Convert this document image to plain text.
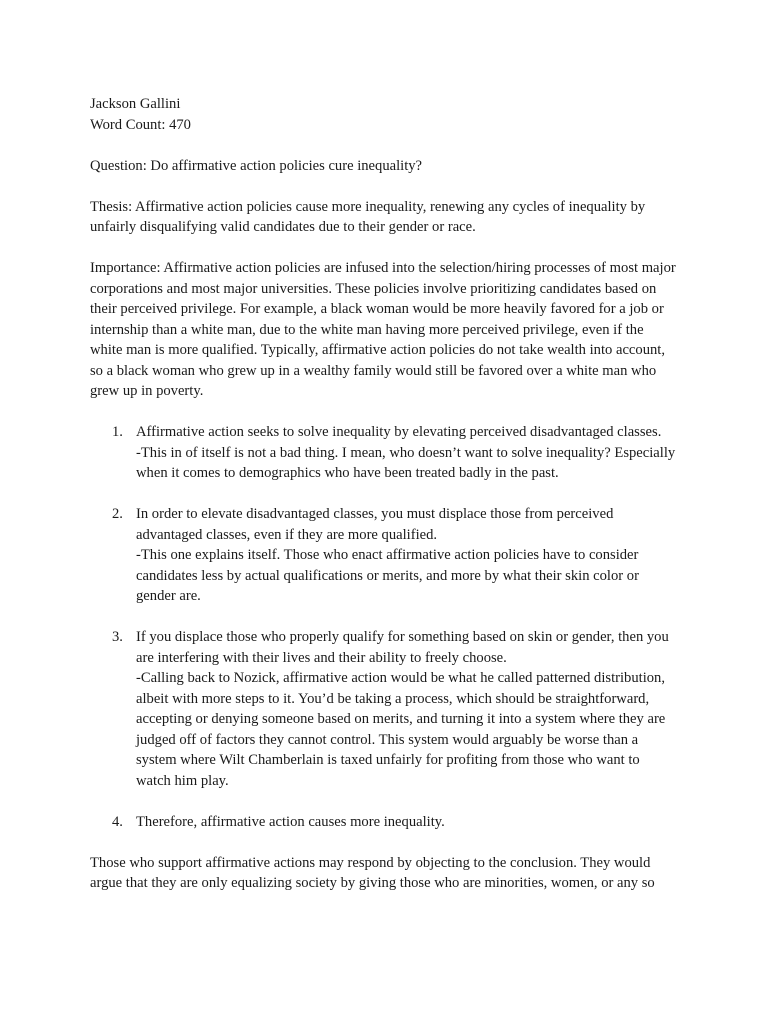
Jackson Gallini

Word Count: 470

Question: Do affirmative action policies cure inequality?

Thesis: Affirmative action policies cause more inequality, renewing any cycles of inequality by unfairly disqualifying valid candidates due to their gender or race.

Importance: Affirmative action policies are infused into the selection/hiring processes of most major corporations and most major universities. These policies involve prioritizing candidates based on their perceived privilege. For example, a black woman would be more heavily favored for a job or internship than a white man, due to the white man having more perceived privilege, even if the white man is more qualified. Typically, affirmative action policies do not take wealth into account, so a black woman who grew up in a wealthy family would still be favored over a white man who grew up in poverty.

1. Affirmative action seeks to solve inequality by elevating perceived disadvantaged classes.

-This in of itself is not a bad thing. I mean, who doesn’t want to solve inequality? Especially when it comes to demographics who have been treated badly in the past.

2. In order to elevate disadvantaged classes, you must displace those from perceived advantaged classes, even if they are more qualified.

-This one explains itself. Those who enact affirmative action policies have to consider candidates less by actual qualifications or merits, and more by what their skin color or gender are.

3. If you displace those who properly qualify for something based on skin or gender, then you are interfering with their lives and their ability to freely choose.

-Calling back to Nozick, affirmative action would be what he called patterned distribution, albeit with more steps to it. You’d be taking a process, which should be straightforward, accepting or denying someone based on merits, and turning it into a system where they are judged off of factors they cannot control. This system would arguably be worse than a system where Wilt Chamberlain is taxed unfairly for profiting from those who want to watch him play.

4. Therefore, affirmative action causes more inequality.

Those who support affirmative actions may respond by objecting to the conclusion. They would argue that they are only equalizing society by giving those who are minorities, women, or any so
